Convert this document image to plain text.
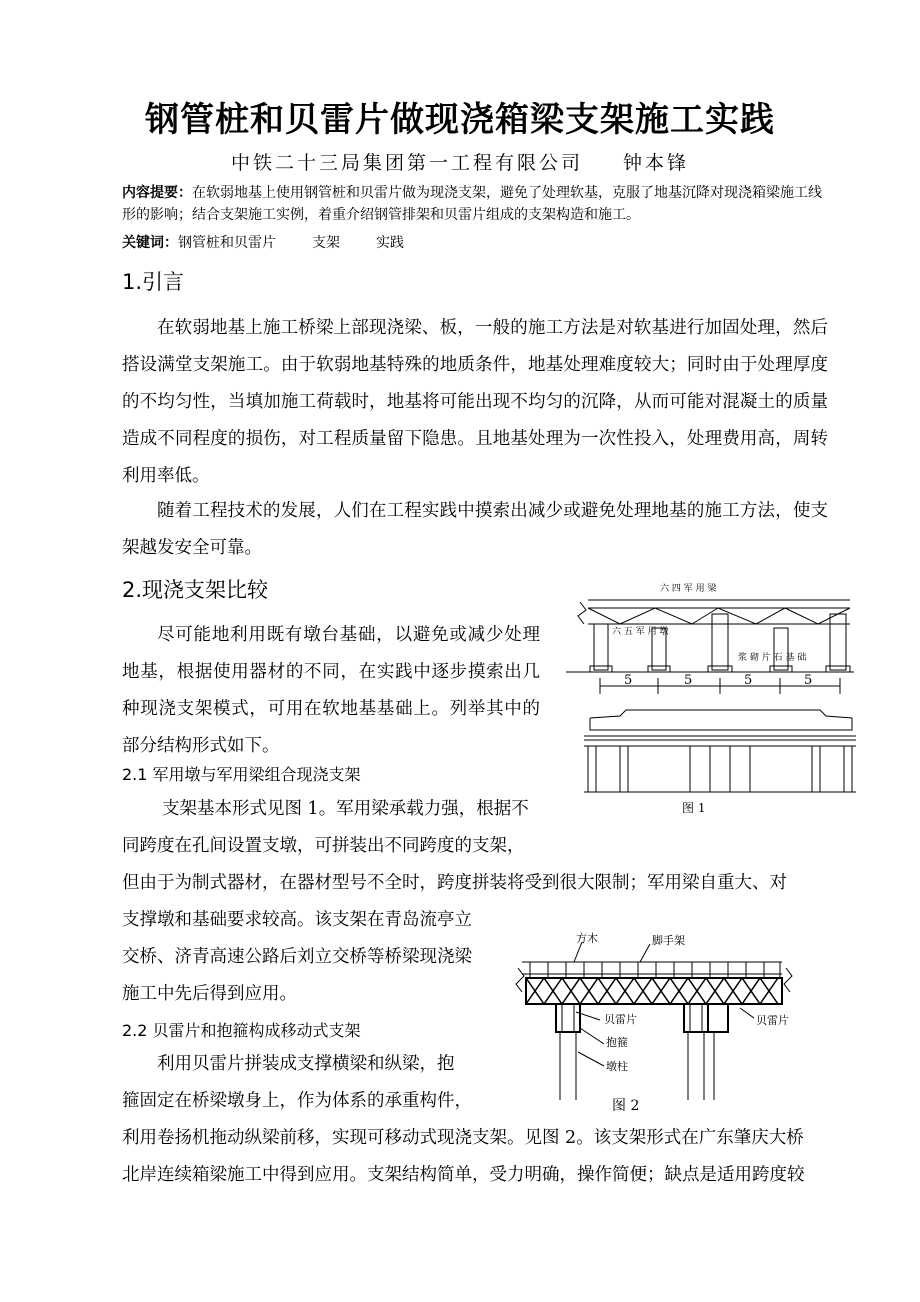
钢管桩和贝雷片做现浇箱梁支架施工实践
中铁二十三局集团第一工程有限公司 钟本锋
内容提要：在软弱地基上使用钢管桩和贝雷片做为现浇支架，避免了处理软基，克服了地基沉降对现浇箱梁施工线形的影响；结合支架施工实例，着重介绍钢管排架和贝雷片组成的支架构造和施工。
关键词：钢管桩和贝雷片	支架	实践
1.引言
在软弱地基上施工桥梁上部现浇梁、板，一般的施工方法是对软基进行加固处理，然后搭设满堂支架施工。由于软弱地基特殊的地质条件，地基处理难度较大；同时由于处理厚度的不均匀性，当填加施工荷载时，地基将可能出现不均匀的沉降，从而可能对混凝土的质量造成不同程度的损伤，对工程质量留下隐患。且地基处理为一次性投入，处理费用高，周转利用率低。
随着工程技术的发展，人们在工程实践中摸索出减少或避免处理地基的施工方法，使支架越发安全可靠。
2.现浇支架比较
尽可能地利用既有墩台基础，以避免或减少处理地基，根据使用器材的不同，在实践中逐步摸索出几种现浇支架模式，可用在软地基基础上。列举其中的部分结构形式如下。
2.1 军用墩与军用梁组合现浇支架
支架基本形式见图 1。军用梁承载力强，根据不
同跨度在孔间设置支墩，可拼装出不同跨度的支架，
但由于为制式器材，在器材型号不全时，跨度拼装将受到很大限制；军用梁自重大、对
支撑墩和基础要求较高。该支架在青岛流亭立
交桥、济青高速公路后刘立交桥等桥梁现浇梁
施工中先后得到应用。
2.2 贝雷片和抱箍构成移动式支架
利用贝雷片拼装成支撑横梁和纵梁，抱
箍固定在桥梁墩身上，作为体系的承重构件，
利用卷扬机拖动纵梁前移，实现可移动式现浇支架。见图 2。该支架形式在广东肇庆大桥
北岸连续箱梁施工中得到应用。支架结构简单，受力明确，操作简便；缺点是适用跨度较
六 四 军 用 梁
六 五 军 用 墩
浆 砌 片 石 基 础
5	5	5	5
图 1
方木	脚手架
贝雷片	贝雷片
抱箍
墩柱
图 2
